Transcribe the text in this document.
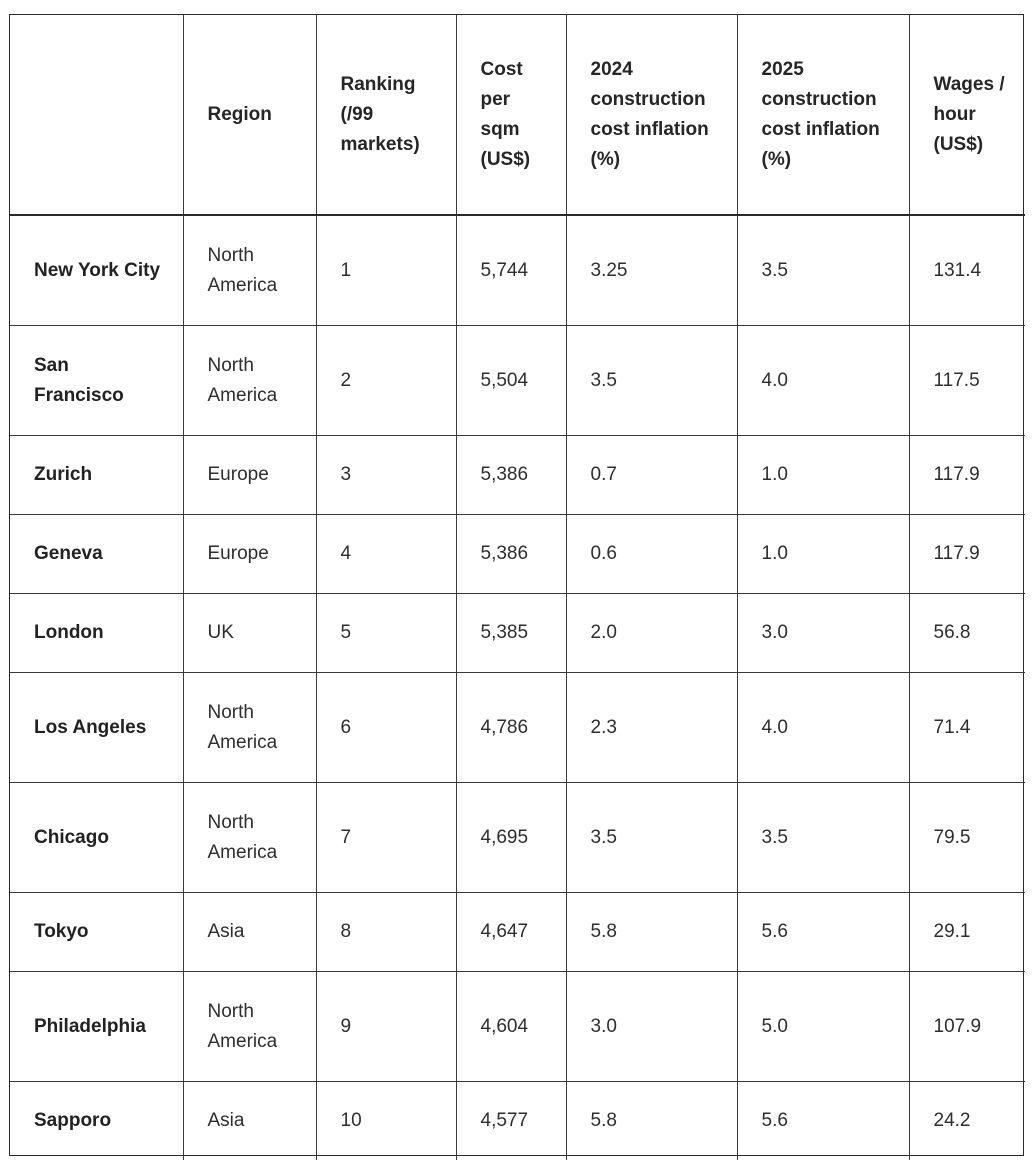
	Region	Ranking (/99 markets)	Cost per sqm (US$)	2024 construction cost inflation (%)	2025 construction cost inflation (%)	Wages / hour (US$)
New York City	North America	1	5,744	3.25	3.5	131.4
San Francisco	North America	2	5,504	3.5	4.0	117.5
Zurich	Europe	3	5,386	0.7	1.0	117.9
Geneva	Europe	4	5,386	0.6	1.0	117.9
London	UK	5	5,385	2.0	3.0	56.8
Los Angeles	North America	6	4,786	2.3	4.0	71.4
Chicago	North America	7	4,695	3.5	3.5	79.5
Tokyo	Asia	8	4,647	5.8	5.6	29.1
Philadelphia	North America	9	4,604	3.0	5.0	107.9
Sapporo	Asia	10	4,577	5.8	5.6	24.2
